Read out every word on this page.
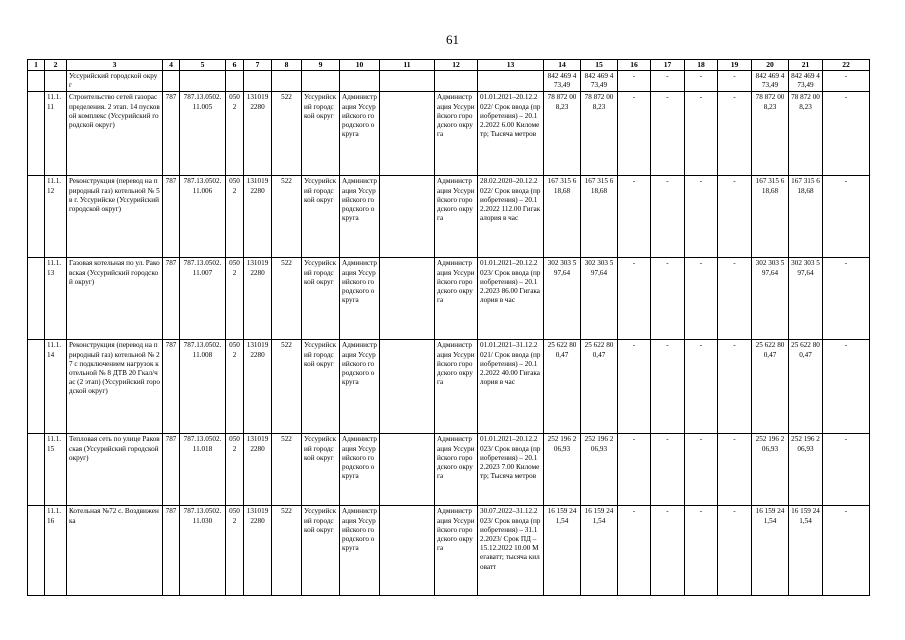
61
1	2	3	4	5	6	7	8	9	10	11	12	13	14	15	16	17	18	19	20	21	22
		Уссурийский городской округ											842 469 473,49	842 469 473,49	-	-	-	-	842 469 473,49	842 469 473,49	-
	11.1.11	Строительство сетей газораспределения. 2 этап. 14 пусковой комплекс (Уссурийский городской округ)	787	787.13.0502.11.005	0502	1310192280	522	Уссурийский городской округ	Администрация Уссурийского городского округа		Администрация Уссурийского городского округа	01.01.2021–20.12.2022/ Срок ввода (приобретения) – 20.12.2022 6.00 Километр; Тысяча метров	78 872 008,23	78 872 008,23	-	-	-	-	78 872 008,23	78 872 008,23	-
	11.1.12	Реконструкция (перевод на природный газ) котельной № 5 в г. Уссурийске (Уссурийский городской округ)	787	787.13.0502.11.006	0502	1310192280	522	Уссурийский городской округ	Администрация Уссурийского городского округа		Администрация Уссурийского городского округа	28.02.2020–20.12.2022/ Срок ввода (приобретения) – 20.12.2022 112.00 Гигакалория в час	167 315 618,68	167 315 618,68	-	-	-	-	167 315 618,68	167 315 618,68	-
	11.1.13	Газовая котельная по ул. Раковская (Уссурийский городской округ)	787	787.13.0502.11.007	0502	1310192280	522	Уссурийский городской округ	Администрация Уссурийского городского округа		Администрация Уссурийского городского округа	01.01.2021–20.12.2023/ Срок ввода (приобретения) – 20.12.2023 86.00 Гигакалория в час	302 303 597,64	302 303 597,64	-	-	-	-	302 303 597,64	302 303 597,64	-
	11.1.14	Реконструкция (перевод на природный газ) котельной № 27 с подключением нагрузок котельной № 8 ДТВ 20 Гкал/час (2 этап) (Уссурийский городской округ)	787	787.13.0502.11.008	0502	1310192280	522	Уссурийский городской округ	Администрация Уссурийского городского округа		Администрация Уссурийского городского округа	01.01.2021–31.12.2021/ Срок ввода (приобретения) – 20.12.2022 40.00 Гигакалория в час	25 622 800,47	25 622 800,47	-	-	-	-	25 622 800,47	25 622 800,47	-
	11.1.15	Тепловая сеть по улице Раковская (Уссурийский городской округ)	787	787.13.0502.11.018	0502	1310192280	522	Уссурийский городской округ	Администрация Уссурийского городского округа		Администрация Уссурийского городского округа	01.01.2021–20.12.2023/ Срок ввода (приобретения) – 20.12.2023 7.00 Километр; Тысяча метров	252 196 206,93	252 196 206,93	-	-	-	-	252 196 206,93	252 196 206,93	-
	11.1.16	Котельная №72 с. Воздвиженка	787	787.13.0502.11.030	0502	1310192280	522	Уссурийский городской округ	Администрация Уссурийского городского округа		Администрация Уссурийского городского округа	30.07.2022–31.12.2023/ Срок ввода (приобретения) – 31.12.2023/ Срок ПД – 15.12.2022 10.00 Мегаватт; тысяча киловатт	16 159 241,54	16 159 241,54	-	-	-	-	16 159 241,54	16 159 241,54	-
